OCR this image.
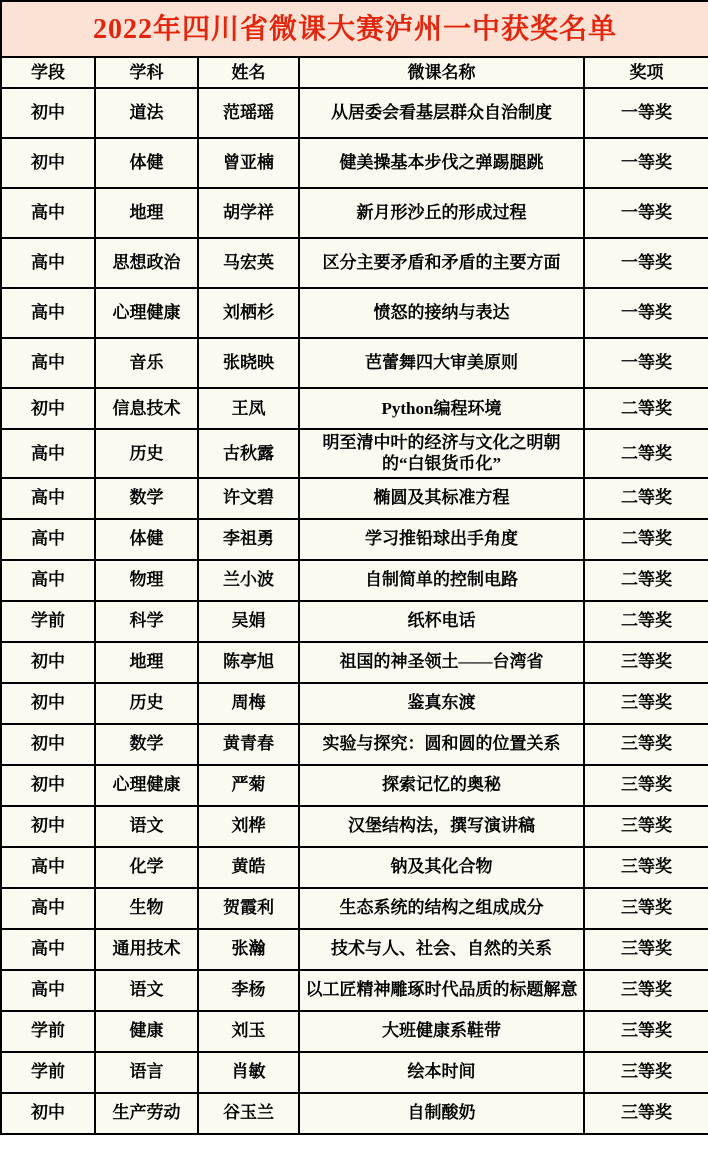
2022年四川省微课大赛泸州一中获奖名单				
学段	学科	姓名	微课名称	奖项
初中	道法	范瑶瑶	从居委会看基层群众自治制度	一等奖
初中	体健	曾亚楠	健美操基本步伐之弹踢腿跳	一等奖
高中	地理	胡学祥	新月形沙丘的形成过程	一等奖
高中	思想政治	马宏英	区分主要矛盾和矛盾的主要方面	一等奖
高中	心理健康	刘栖杉	愤怒的接纳与表达	一等奖
高中	音乐	张晓映	芭蕾舞四大审美原则	一等奖
初中	信息技术	王凤	Python编程环境	二等奖
高中	历史	古秋露	明至清中叶的经济与文化之明朝的“白银货币化”	二等奖
高中	数学	许文碧	椭圆及其标准方程	二等奖
高中	体健	李祖勇	学习推铅球出手角度	二等奖
高中	物理	兰小波	自制简单的控制电路	二等奖
学前	科学	吴娟	纸杯电话	二等奖
初中	地理	陈亭旭	祖国的神圣领土——台湾省	三等奖
初中	历史	周梅	鉴真东渡	三等奖
初中	数学	黄青春	实验与探究：圆和圆的位置关系	三等奖
初中	心理健康	严菊	探索记忆的奥秘	三等奖
初中	语文	刘桦	汉堡结构法，撰写演讲稿	三等奖
高中	化学	黄皓	钠及其化合物	三等奖
高中	生物	贺霞利	生态系统的结构之组成成分	三等奖
高中	通用技术	张瀚	技术与人、社会、自然的关系	三等奖
高中	语文	李杨	以工匠精神雕琢时代品质的标题解意	三等奖
学前	健康	刘玉	大班健康系鞋带	三等奖
学前	语言	肖敏	绘本时间	三等奖
初中	生产劳动	谷玉兰	自制酸奶	三等奖
